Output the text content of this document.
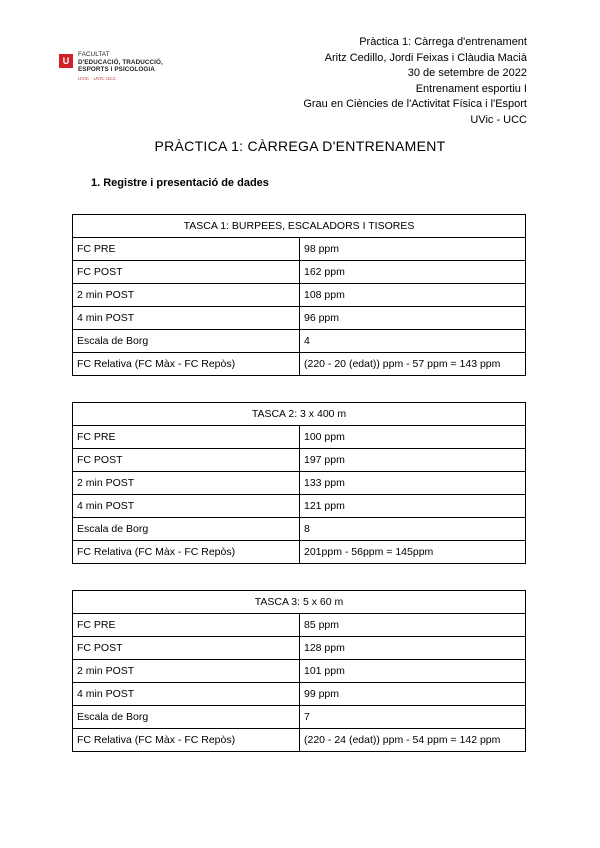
U
FACULTAT
D'EDUCACIÓ, TRADUCCIÓ,
ESPORTS I PSICOLOGIA
UVIC · UVIC UCC
Pràctica 1: Càrrega d'entrenament
Aritz Cedillo, Jordi Feixas i Clàudia Macià
30 de setembre de 2022
Entrenament esportiu I
Grau en Ciències de l'Activitat Física i l'Esport
UVic - UCC
PRÀCTICA 1: CÀRREGA D'ENTRENAMENT
1. Registre i presentació de dades
TASCA 1: BURPEES, ESCALADORS I TISORES	
FC PRE	98 ppm
FC POST	162 ppm
2 min POST	108 ppm
4 min POST	96 ppm
Escala de Borg	4
FC Relativa (FC Màx - FC Repòs)	(220 - 20 (edat)) ppm - 57 ppm = 143 ppm
TASCA 2: 3 x 400 m	
FC PRE	100 ppm
FC POST	197 ppm
2 min POST	133 ppm
4 min POST	121 ppm
Escala de Borg	8
FC Relativa (FC Màx - FC Repòs)	201ppm - 56ppm = 145ppm
TASCA 3: 5 x 60 m	
FC PRE	85 ppm
FC POST	128 ppm
2 min POST	101 ppm
4 min POST	99 ppm
Escala de Borg	7
FC Relativa (FC Màx - FC Repòs)	(220 - 24 (edat)) ppm - 54 ppm = 142 ppm
